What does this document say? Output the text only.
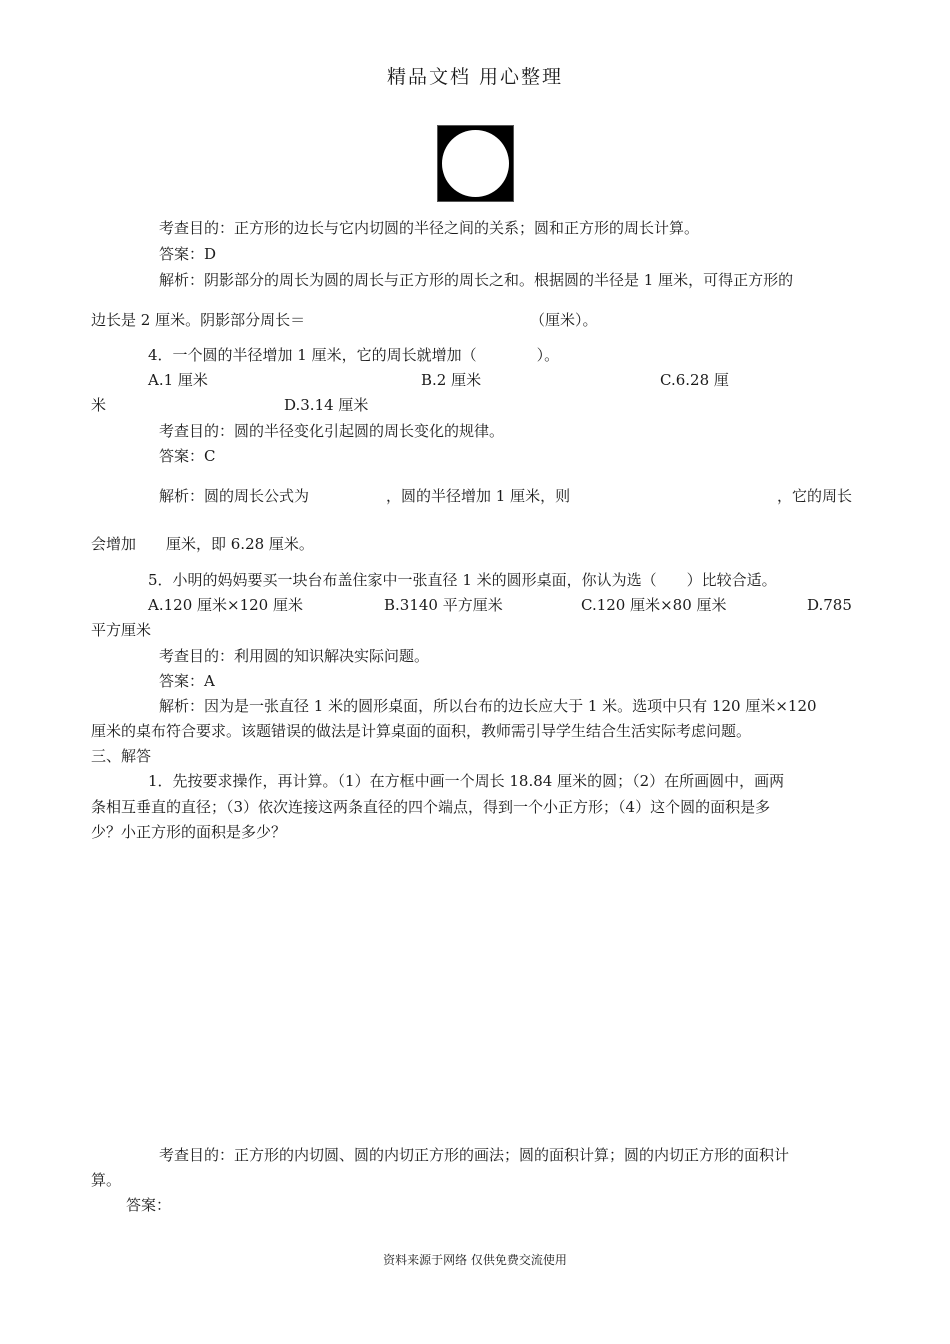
精品文档 用心整理
考查目的：正方形的边长与它内切圆的半径之间的关系；圆和正方形的周长计算。
答案：D
解析：阴影部分的周长为圆的周长与正方形的周长之和。根据圆的半径是 1 厘米，可得正方形的
边长是 2 厘米。阴影部分周长＝	（厘米）。
4．一个圆的半径增加 1 厘米，它的周长就增加（　　　　）。
A.1 厘米	B.2 厘米	C.6.28 厘
米	D.3.14 厘米
考查目的：圆的半径变化引起圆的周长变化的规律。
答案：C
解析：圆的周长公式为	，圆的半径增加 1 厘米，则	，它的周长
会增加 厘米，即 6.28 厘米。
5．小明的妈妈要买一块台布盖住家中一张直径 1 米的圆形桌面，你认为选（　　）比较合适。
A.120 厘米×120 厘米	B.3140 平方厘米	C.120 厘米×80 厘米	D.785
平方厘米
考查目的：利用圆的知识解决实际问题。
答案：A
解析：因为是一张直径 1 米的圆形桌面，所以台布的边长应大于 1 米。选项中只有 120 厘米×120
厘米的桌布符合要求。该题错误的做法是计算桌面的面积，教师需引导学生结合生活实际考虑问题。
三、解答
1．先按要求操作，再计算。（1）在方框中画一个周长 18.84 厘米的圆；（2）在所画圆中，画两
条相互垂直的直径；（3）依次连接这两条直径的四个端点，得到一个小正方形；（4）这个圆的面积是多
少？小正方形的面积是多少？
考查目的：正方形的内切圆、圆的内切正方形的画法；圆的面积计算；圆的内切正方形的面积计
算。
答案：
资料来源于网络 仅供免费交流使用
